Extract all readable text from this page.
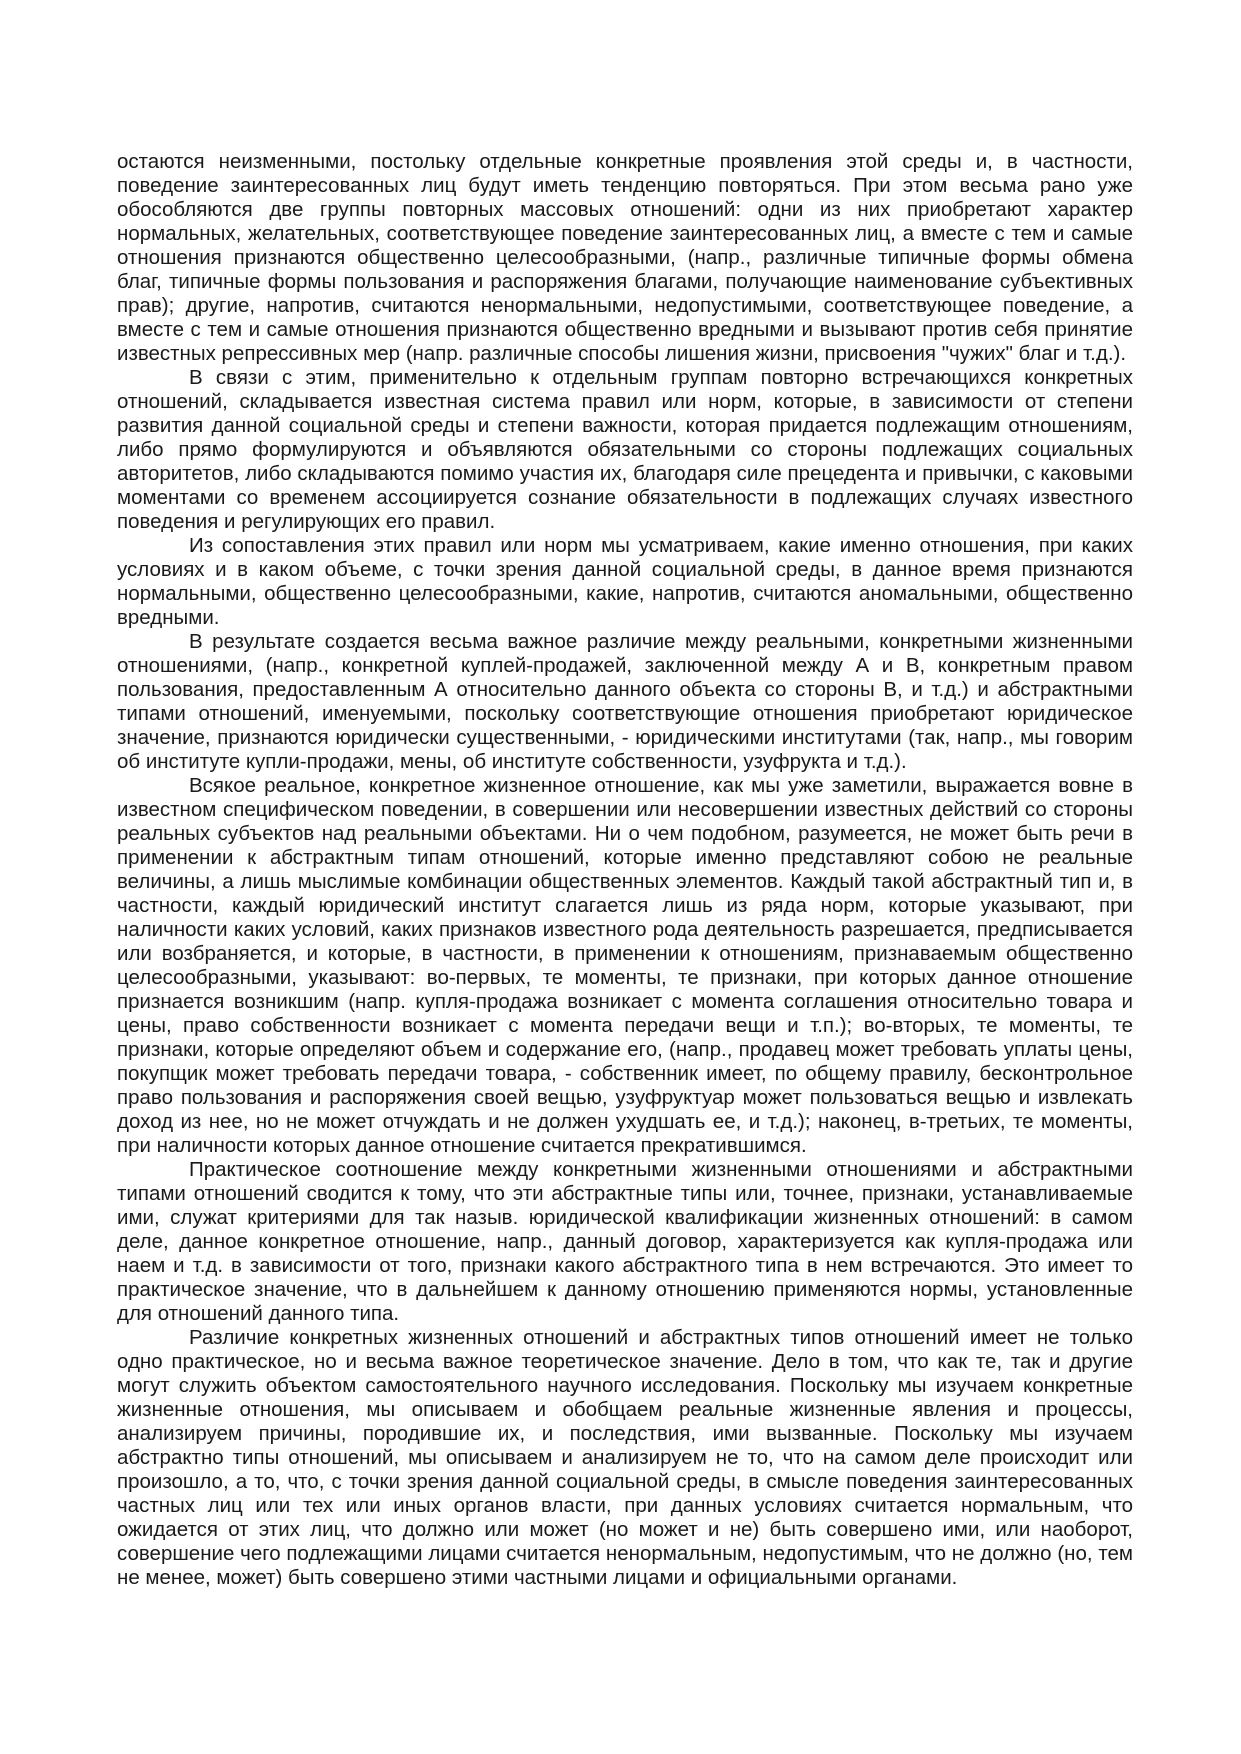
остаются неизменными, постольку отдельные конкретные проявления этой среды и, в частности, поведение заинтересованных лиц будут иметь тенденцию повторяться. При этом весьма рано уже обособляются две группы повторных массовых отношений: одни из них приобретают характер нормальных, желательных, соответствующее поведение заинтересованных лиц, а вместе с тем и самые отношения признаются общественно целесообразными, (напр., различные типичные формы обмена благ, типичные формы пользования и распоряжения благами, получающие наименование субъективных прав); другие, напротив, считаются ненормальными, недопустимыми, соответствующее поведение, а вместе с тем и самые отношения признаются общественно вредными и вызывают против себя принятие известных репрессивных мер (напр. различные способы лишения жизни, присвоения "чужих" благ и т.д.).

В связи с этим, применительно к отдельным группам повторно встречающихся конкретных отношений, складывается известная система правил или норм, которые, в зависимости от степени развития данной социальной среды и степени важности, которая придается подлежащим отношениям, либо прямо формулируются и объявляются обязательными со стороны подлежащих социальных авторитетов, либо складываются помимо участия их, благодаря силе прецедента и привычки, с каковыми моментами со временем ассоциируется сознание обязательности в подлежащих случаях известного поведения и регулирующих его правил.

Из сопоставления этих правил или норм мы усматриваем, какие именно отношения, при каких условиях и в каком объеме, с точки зрения данной социальной среды, в данное время признаются нормальными, общественно целесообразными, какие, напротив, считаются аномальными, общественно вредными.

В результате создается весьма важное различие между реальными, конкретными жизненными отношениями, (напр., конкретной куплей-продажей, заключенной между А и В, конкретным правом пользования, предоставленным А относительно данного объекта со стороны В, и т.д.) и абстрактными типами отношений, именуемыми, поскольку соответствующие отношения приобретают юридическое значение, признаются юридически существенными, - юридическими институтами (так, напр., мы говорим об институте купли-продажи, мены, об институте собственности, узуфрукта и т.д.).

Всякое реальное, конкретное жизненное отношение, как мы уже заметили, выражается вовне в известном специфическом поведении, в совершении или несовершении известных действий со стороны реальных субъектов над реальными объектами. Ни о чем подобном, разумеется, не может быть речи в применении к абстрактным типам отношений, которые именно представляют собою не реальные величины, а лишь мыслимые комбинации общественных элементов. Каждый такой абстрактный тип и, в частности, каждый юридический институт слагается лишь из ряда норм, которые указывают, при наличности каких условий, каких признаков известного рода деятельность разрешается, предписывается или возбраняется, и которые, в частности, в применении к отношениям, признаваемым общественно целесообразными, указывают: во-первых, те моменты, те признаки, при которых данное отношение признается возникшим (напр. купля-продажа возникает с момента соглашения относительно товара и цены, право собственности возникает с момента передачи вещи и т.п.); во-вторых, те моменты, те признаки, которые определяют объем и содержание его, (напр., продавец может требовать уплаты цены, покупщик может требовать передачи товара, - собственник имеет, по общему правилу, бесконтрольное право пользования и распоряжения своей вещью, узуфруктуар может пользоваться вещью и извлекать доход из нее, но не может отчуждать и не должен ухудшать ее, и т.д.); наконец, в-третьих, те моменты, при наличности которых данное отношение считается прекратившимся.

Практическое соотношение между конкретными жизненными отношениями и абстрактными типами отношений сводится к тому, что эти абстрактные типы или, точнее, признаки, устанавливаемые ими, служат критериями для так назыв. юридической квалификации жизненных отношений: в самом деле, данное конкретное отношение, напр., данный договор, характеризуется как купля-продажа или наем и т.д. в зависимости от того, признаки какого абстрактного типа в нем встречаются. Это имеет то практическое значение, что в дальнейшем к данному отношению применяются нормы, установленные для отношений данного типа.

Различие конкретных жизненных отношений и абстрактных типов отношений имеет не только одно практическое, но и весьма важное теоретическое значение. Дело в том, что как те, так и другие могут служить объектом самостоятельного научного исследования. Поскольку мы изучаем конкретные жизненные отношения, мы описываем и обобщаем реальные жизненные явления и процессы, анализируем причины, породившие их, и последствия, ими вызванные. Поскольку мы изучаем абстрактно типы отношений, мы описываем и анализируем не то, что на самом деле происходит или произошло, а то, что, с точки зрения данной социальной среды, в смысле поведения заинтересованных частных лиц или тех или иных органов власти, при данных условиях считается нормальным, что ожидается от этих лиц, что должно или может (но может и не) быть совершено ими, или наоборот, совершение чего подлежащими лицами считается ненормальным, недопустимым, что не должно (но, тем не менее, может) быть совершено этими частными лицами и официальными органами.
